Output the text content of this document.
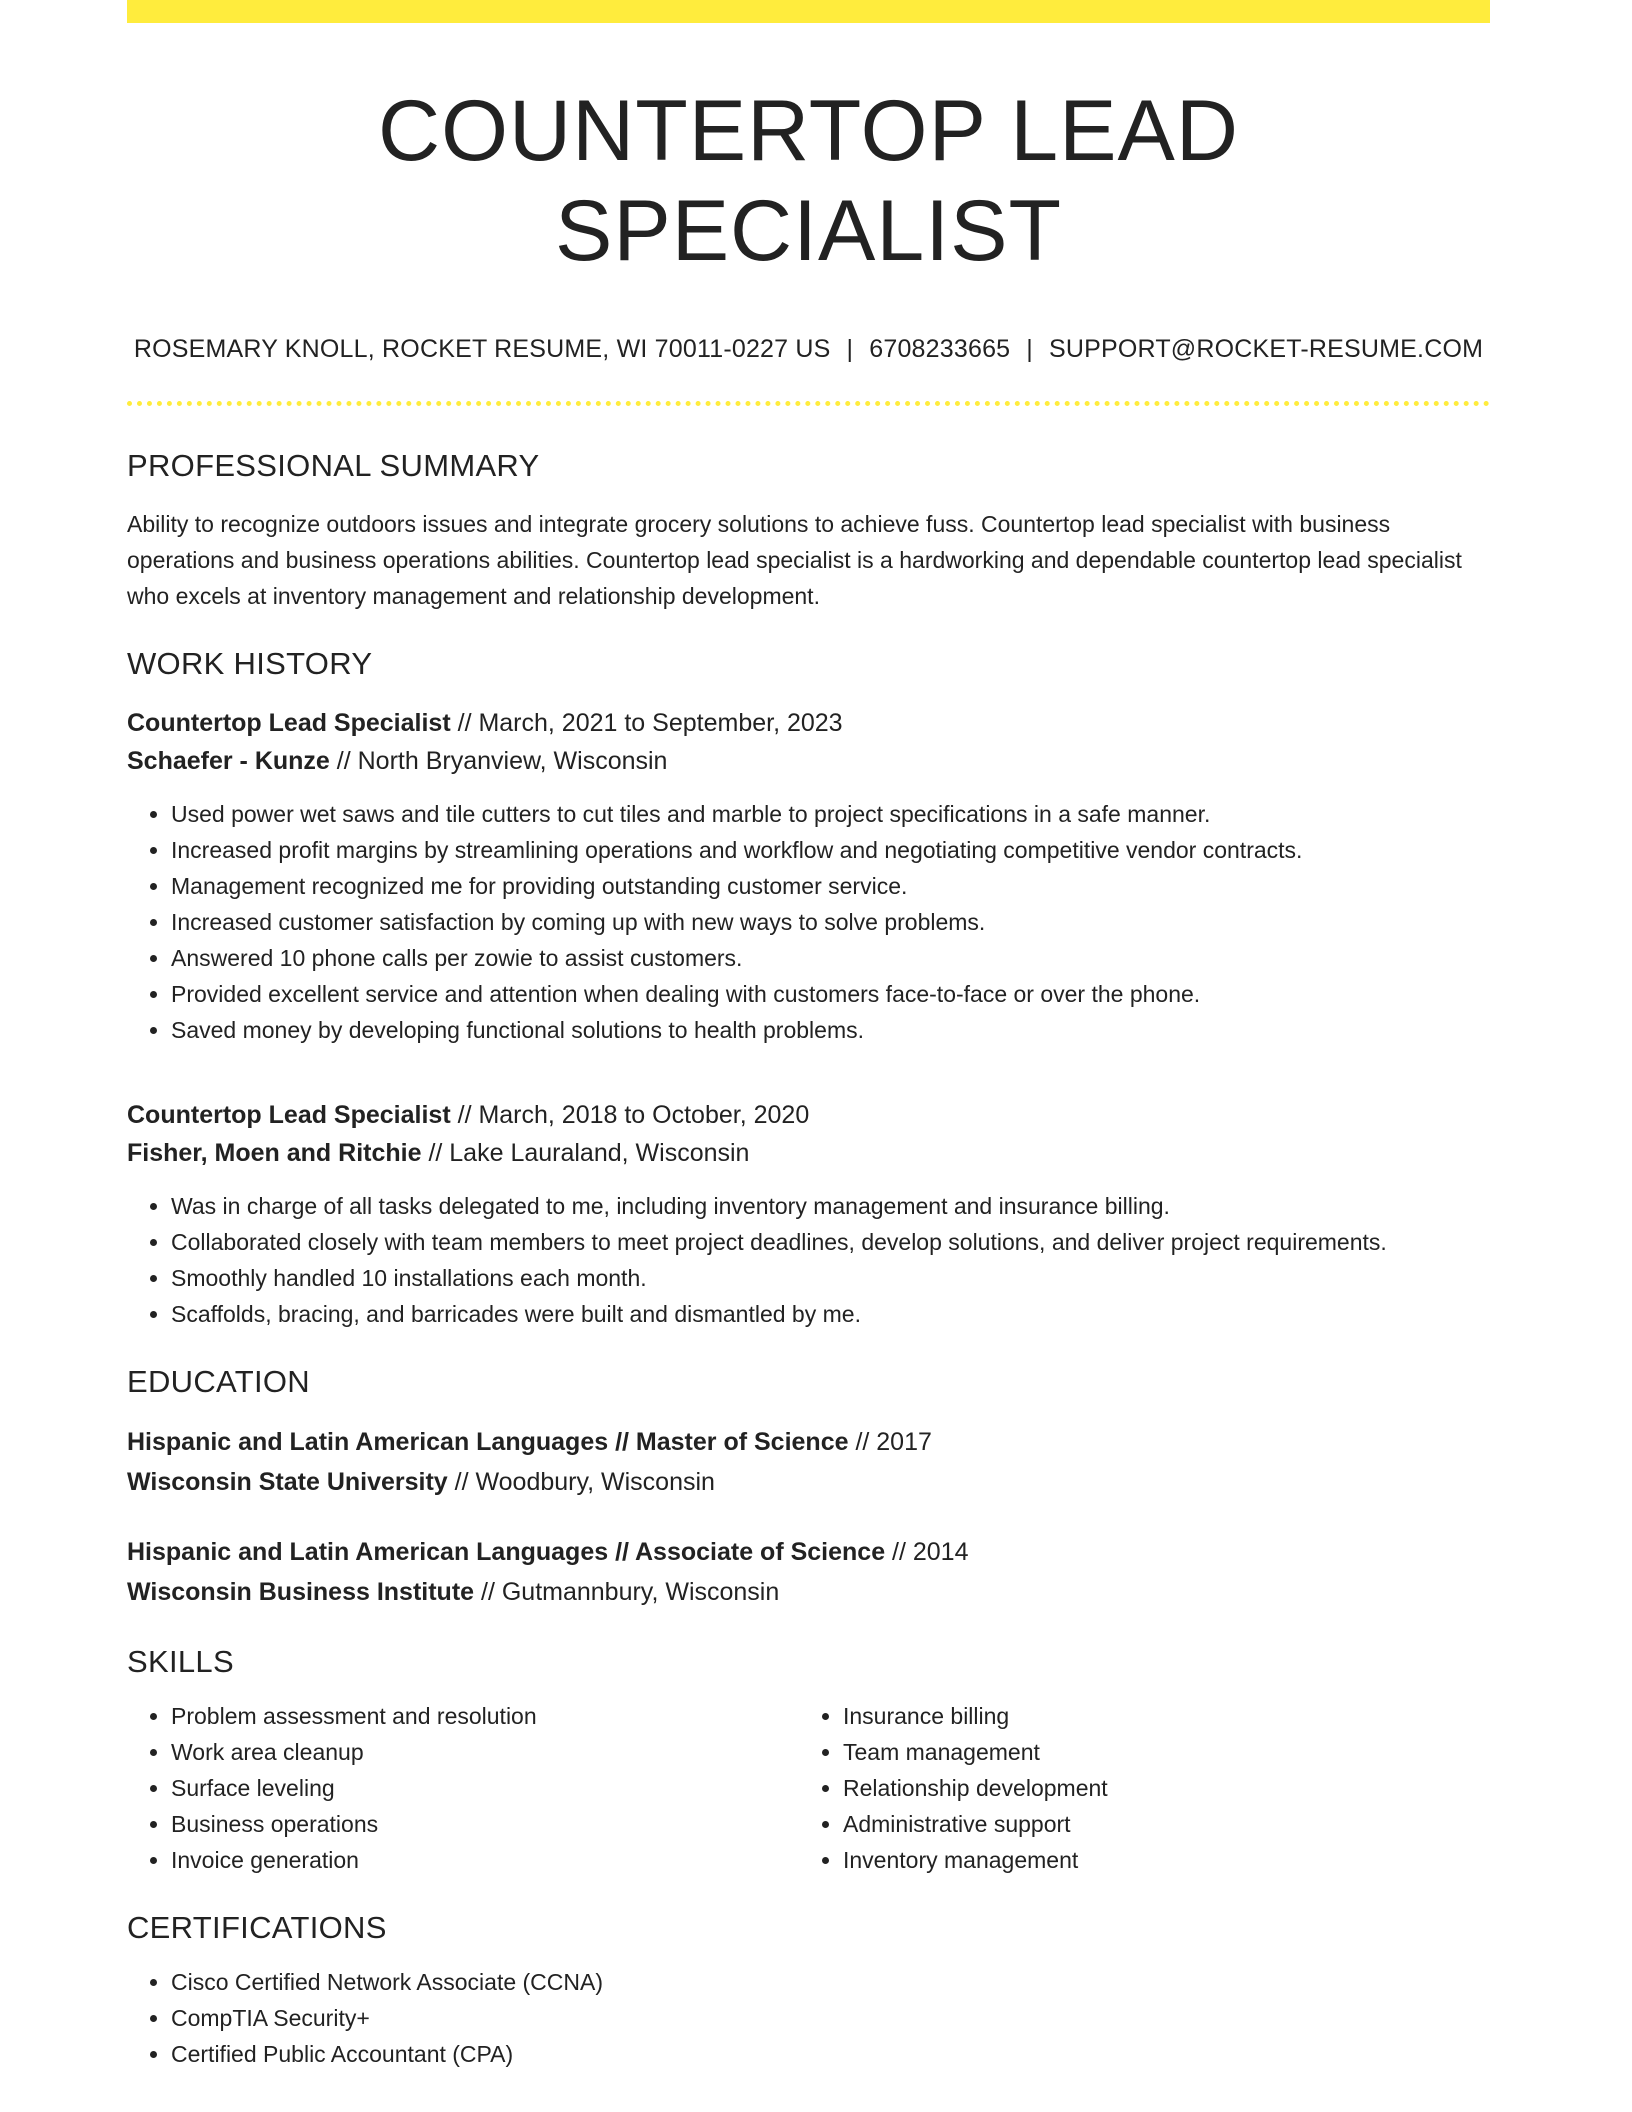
COUNTERTOP LEAD SPECIALIST
ROSEMARY KNOLL, ROCKET RESUME, WI 70011-0227 US | 6708233665 | SUPPORT@ROCKET-RESUME.COM
PROFESSIONAL SUMMARY

Ability to recognize outdoors issues and integrate grocery solutions to achieve fuss. Countertop lead specialist with business operations and business operations abilities. Countertop lead specialist is a hardworking and dependable countertop lead specialist who excels at inventory management and relationship development.

WORK HISTORY
Countertop Lead Specialist // March, 2021 to September, 2023
Schaefer - Kunze // North Bryanview, Wisconsin
• Used power wet saws and tile cutters to cut tiles and marble to project specifications in a safe manner.
• Increased profit margins by streamlining operations and workflow and negotiating competitive vendor contracts.
• Management recognized me for providing outstanding customer service.
• Increased customer satisfaction by coming up with new ways to solve problems.
• Answered 10 phone calls per zowie to assist customers.
• Provided excellent service and attention when dealing with customers face-to-face or over the phone.
• Saved money by developing functional solutions to health problems.
Countertop Lead Specialist // March, 2018 to October, 2020
Fisher, Moen and Ritchie // Lake Lauraland, Wisconsin
• Was in charge of all tasks delegated to me, including inventory management and insurance billing.
• Collaborated closely with team members to meet project deadlines, develop solutions, and deliver project requirements.
• Smoothly handled 10 installations each month.
• Scaffolds, bracing, and barricades were built and dismantled by me.
EDUCATION
Hispanic and Latin American Languages // Master of Science // 2017
Wisconsin State University // Woodbury, Wisconsin
Hispanic and Latin American Languages // Associate of Science // 2014
Wisconsin Business Institute // Gutmannbury, Wisconsin
SKILLS
• Problem assessment and resolution
• Work area cleanup
• Surface leveling
• Business operations
• Invoice generation
• Insurance billing
• Team management
• Relationship development
• Administrative support
• Inventory management
CERTIFICATIONS
• Cisco Certified Network Associate (CCNA)
• CompTIA Security+
• Certified Public Accountant (CPA)
